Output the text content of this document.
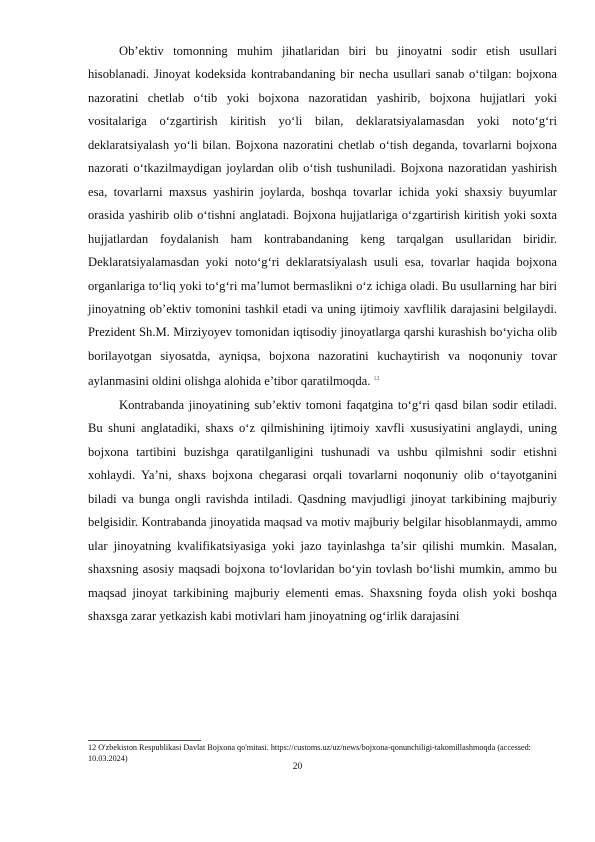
Ob’ektiv tomonning muhim jihatlaridan biri bu jinoyatni sodir etish usullari hisoblanadi. Jinoyat kodeksida kontrabandaning bir necha usullari sanab o‘tilgan: bojxona nazoratini chetlab o‘tib yoki bojxona nazoratidan yashirib, bojxona hujjatlari yoki vositalariga o‘zgartirish kiritish yo‘li bilan, deklaratsiyalamasdan yoki noto‘g‘ri deklaratsiyalash yo‘li bilan. Bojxona nazoratini chetlab o‘tish deganda, tovarlarni bojxona nazorati o‘tkazilmaydigan joylardan olib o‘tish tushuniladi. Bojxona nazoratidan yashirish esa, tovarlarni maxsus yashirin joylarda, boshqa tovarlar ichida yoki shaxsiy buyumlar orasida yashirib olib o‘tishni anglatadi. Bojxona hujjatlariga o‘zgartirish kiritish yoki soxta hujjatlardan foydalanish ham kontrabandaning keng tarqalgan usullaridan biridir. Deklaratsiyalamasdan yoki noto‘g‘ri deklaratsiyalash usuli esa, tovarlar haqida bojxona organlariga to‘liq yoki to‘g‘ri ma’lumot bermaslikni o‘z ichiga oladi. Bu usullarning har biri jinoyatning ob’ektiv tomonini tashkil etadi va uning ijtimoiy xavflilik darajasini belgilaydi. Prezident Sh.M. Mirziyoyev tomonidan iqtisodiy jinoyatlarga qarshi kurashish bo‘yicha olib borilayotgan siyosatda, ayniqsa, bojxona nazoratini kuchaytirish va noqonuniy tovar aylanmasini oldini olishga alohida e’tibor qaratilmoqda. $^{12}$

Kontrabanda jinoyatining sub’ektiv tomoni faqatgina to‘g‘ri qasd bilan sodir etiladi. Bu shuni anglatadiki, shaxs o‘z qilmishining ijtimoiy xavfli xususiyatini anglaydi, uning bojxona tartibini buzishga qaratilganligini tushunadi va ushbu qilmishni sodir etishni xohlaydi. Ya’ni, shaxs bojxona chegarasi orqali tovarlarni noqonuniy olib o‘tayotganini biladi va bunga ongli ravishda intiladi. Qasdning mavjudligi jinoyat tarkibining majburiy belgisidir. Kontrabanda jinoyatida maqsad va motiv majburiy belgilar hisoblanmaydi, ammo ular jinoyatning kvalifikatsiyasiga yoki jazo tayinlashga ta’sir qilishi mumkin. Masalan, shaxsning asosiy maqsadi bojxona to‘lovlaridan bo‘yin tovlash bo‘lishi mumkin, ammo bu maqsad jinoyat tarkibining majburiy elementi emas. Shaxsning foyda olish yoki boshqa shaxsga zarar yetkazish kabi motivlari ham jinoyatning og‘irlik darajasini

12 O'zbekiston Respublikasi Davlat Bojxona qo'mitasi. https://customs.uz/uz/news/bojxona-qonunchiligi-takomillashmoqda (accessed: 10.03.2024)

20
